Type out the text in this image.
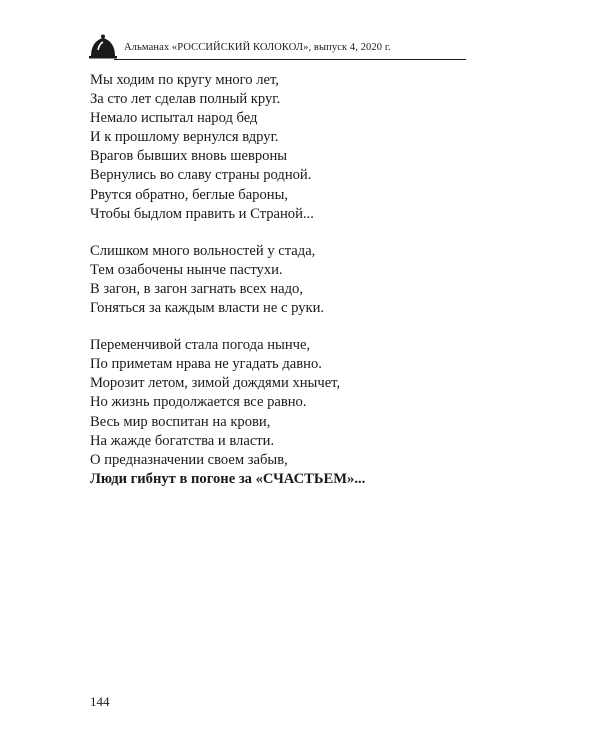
Альманах «РОССИЙСКИЙ КОЛОКОЛ», выпуск 4, 2020 г.
Мы ходим по кругу много лет,
За сто лет сделав полный круг.
Немало испытал народ бед
И к прошлому вернулся вдруг.
Врагов бывших вновь шевроны
Вернулись во славу страны родной.
Рвутся обратно, беглые бароны,
Чтобы быдлом править и Страной...
Слишком много вольностей у стада,
Тем озабочены нынче пастухи.
В загон, в загон загнать всех надо,
Гоняться за каждым власти не с руки.
Переменчивой стала погода нынче,
По приметам нрава не угадать давно.
Морозит летом, зимой дождями хнычет,
Но жизнь продолжается все равно.
Весь мир воспитан на крови,
На жажде богатства и власти.
О предназначении своем забыв,
Люди гибнут в погоне за «СЧАСТЬЕМ»...
144
